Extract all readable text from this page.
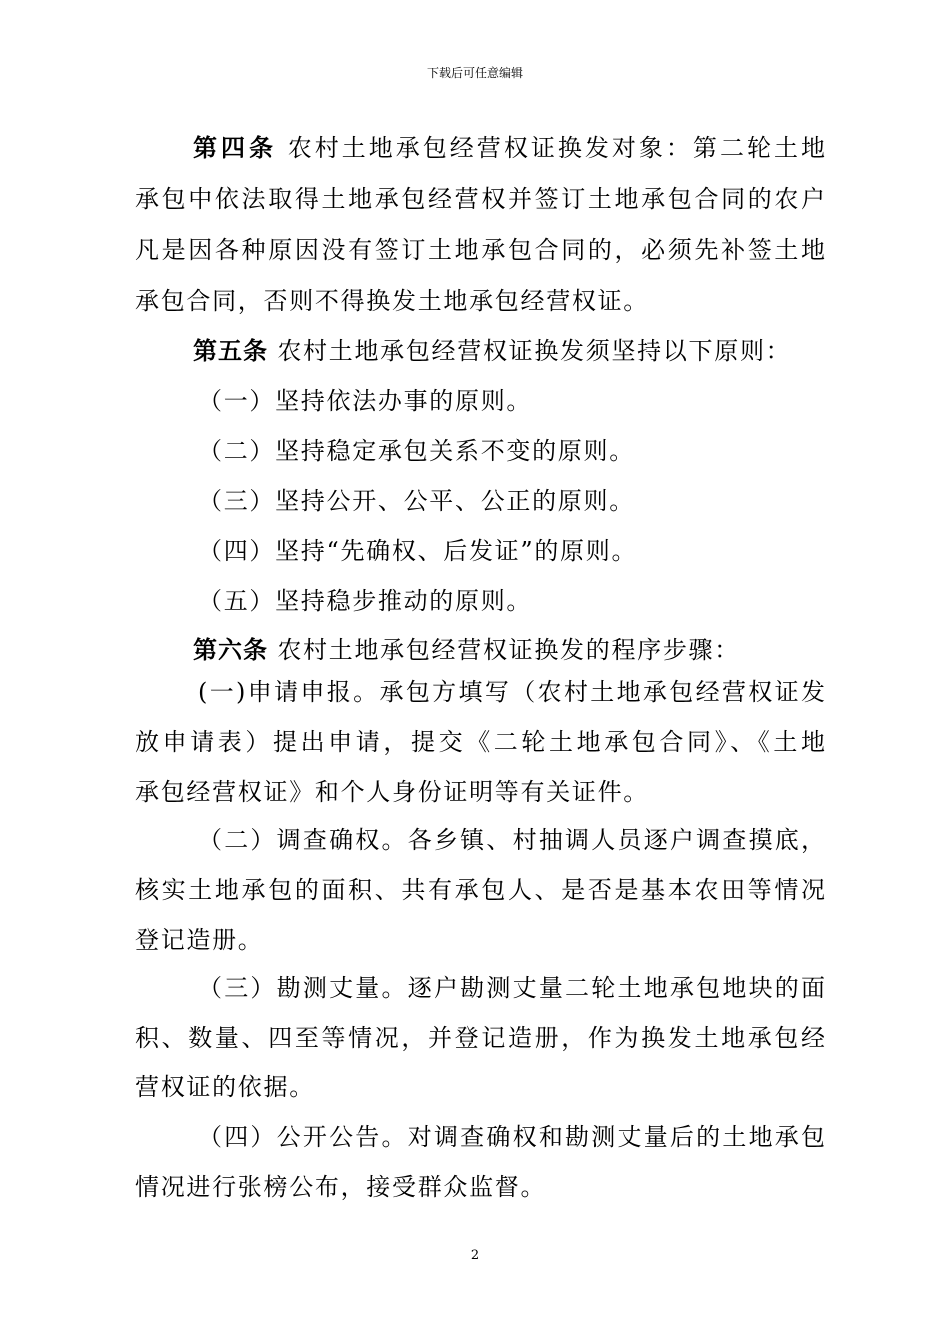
下载后可任意编辑
第四条 农村土地承包经营权证换发对象：第二轮土地
承包中依法取得土地承包经营权并签订土地承包合同的农户
凡是因各种原因没有签订土地承包合同的，必须先补签土地
承包合同，否则不得换发土地承包经营权证。
第五条 农村土地承包经营权证换发须坚持以下原则：
（一）坚持依法办事的原则。
（二）坚持稳定承包关系不变的原则。
（三）坚持公开、公平、公正的原则。
（四）坚持“先确权、后发证”的原则。
（五）坚持稳步推动的原则。
第六条 农村土地承包经营权证换发的程序步骤：
(一)申请申报。承包方填写（农村土地承包经营权证发
放申请表）提出申请，提交《二轮土地承包合同》、《土地
承包经营权证》和个人身份证明等有关证件。
（二）调查确权。各乡镇、村抽调人员逐户调查摸底，
核实土地承包的面积、共有承包人、是否是基本农田等情况
登记造册。
（三）勘测丈量。逐户勘测丈量二轮土地承包地块的面
积、数量、四至等情况，并登记造册，作为换发土地承包经
营权证的依据。
（四）公开公告。对调查确权和勘测丈量后的土地承包
情况进行张榜公布，接受群众监督。
2
